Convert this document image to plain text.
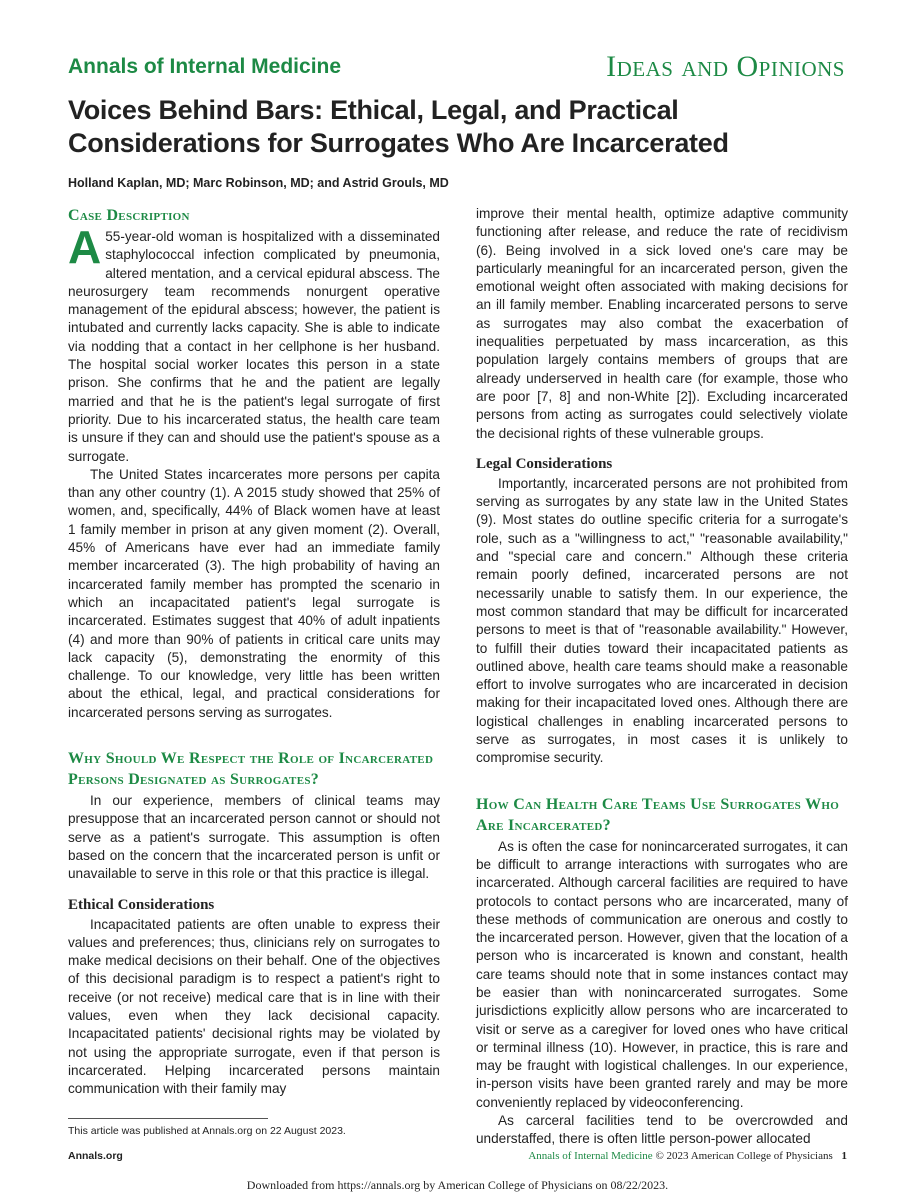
Annals of Internal Medicine	Ideas and Opinions
Voices Behind Bars: Ethical, Legal, and Practical Considerations for Surrogates Who Are Incarcerated
Holland Kaplan, MD; Marc Robinson, MD; and Astrid Grouls, MD
Case Description

A 55-year-old woman is hospitalized with a disseminated staphylococcal infection complicated by pneumonia, altered mentation, and a cervical epidural abscess. The neurosurgery team recommends nonurgent operative management of the epidural abscess; however, the patient is intubated and currently lacks capacity. She is able to indicate via nodding that a contact in her cellphone is her husband. The hospital social worker locates this person in a state prison. She confirms that he and the patient are legally married and that he is the patient's legal surrogate of first priority. Due to his incarcerated status, the health care team is unsure if they can and should use the patient's spouse as a surrogate.

The United States incarcerates more persons per capita than any other country (1). A 2015 study showed that 25% of women, and, specifically, 44% of Black women have at least 1 family member in prison at any given moment (2). Overall, 45% of Americans have ever had an immediate family member incarcerated (3). The high probability of having an incarcerated family member has prompted the scenario in which an incapacitated patient's legal surrogate is incarcerated. Estimates suggest that 40% of adult inpatients (4) and more than 90% of patients in critical care units may lack capacity (5), demonstrating the enormity of this challenge. To our knowledge, very little has been written about the ethical, legal, and practical considerations for incarcerated persons serving as surrogates.

Why Should We Respect the Role of Incarcerated Persons Designated as Surrogates?

In our experience, members of clinical teams may presuppose that an incarcerated person cannot or should not serve as a patient's surrogate. This assumption is often based on the concern that the incarcerated person is unfit or unavailable to serve in this role or that this practice is illegal.

Ethical Considerations

Incapacitated patients are often unable to express their values and preferences; thus, clinicians rely on surrogates to make medical decisions on their behalf. One of the objectives of this decisional paradigm is to respect a patient's right to receive (or not receive) medical care that is in line with their values, even when they lack decisional capacity. Incapacitated patients' decisional rights may be violated by not using the appropriate surrogate, even if that person is incarcerated. Helping incarcerated persons maintain communication with their family may

improve their mental health, optimize adaptive community functioning after release, and reduce the rate of recidivism (6). Being involved in a sick loved one's care may be particularly meaningful for an incarcerated person, given the emotional weight often associated with making decisions for an ill family member. Enabling incarcerated persons to serve as surrogates may also combat the exacerbation of inequalities perpetuated by mass incarceration, as this population largely contains members of groups that are already underserved in health care (for example, those who are poor [7, 8] and non-White [2]). Excluding incarcerated persons from acting as surrogates could selectively violate the decisional rights of these vulnerable groups.

Legal Considerations

Importantly, incarcerated persons are not prohibited from serving as surrogates by any state law in the United States (9). Most states do outline specific criteria for a surrogate's role, such as a "willingness to act," "reasonable availability," and "special care and concern." Although these criteria remain poorly defined, incarcerated persons are not necessarily unable to satisfy them. In our experience, the most common standard that may be difficult for incarcerated persons to meet is that of "reasonable availability." However, to fulfill their duties toward their incapacitated patients as outlined above, health care teams should make a reasonable effort to involve surrogates who are incarcerated in decision making for their incapacitated loved ones. Although there are logistical challenges in enabling incarcerated persons to serve as surrogates, in most cases it is unlikely to compromise security.

How Can Health Care Teams Use Surrogates Who Are Incarcerated?

As is often the case for nonincarcerated surrogates, it can be difficult to arrange interactions with surrogates who are incarcerated. Although carceral facilities are required to have protocols to contact persons who are incarcerated, many of these methods of communication are onerous and costly to the incarcerated person. However, given that the location of a person who is incarcerated is known and constant, health care teams should note that in some instances contact may be easier than with nonincarcerated surrogates. Some jurisdictions explicitly allow persons who are incarcerated to visit or serve as a caregiver for loved ones who have critical or terminal illness (10). However, in practice, this is rare and may be fraught with logistical challenges. In our experience, in-person visits have been granted rarely and may be more conveniently replaced by videoconferencing.

As carceral facilities tend to be overcrowded and understaffed, there is often little person-power allocated

This article was published at Annals.org on 22 August 2023.
Annals.org	Annals of Internal Medicine © 2023 American College of Physicians 1
Downloaded from https://annals.org by American College of Physicians on 08/22/2023.
